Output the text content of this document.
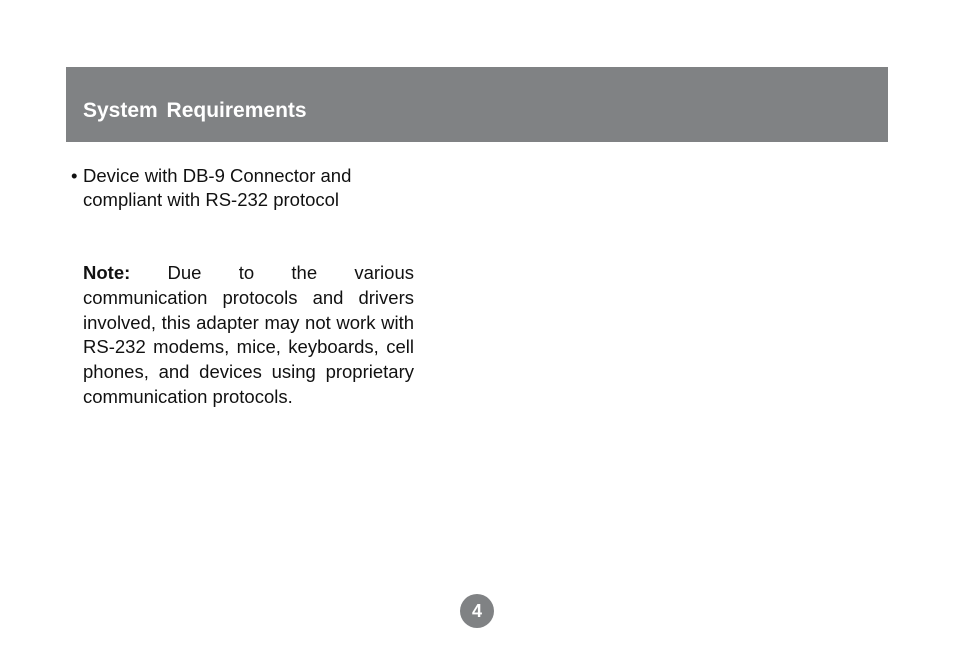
System Requirements
• Device with DB-9 Connector and compliant with RS-232 protocol

Note: Due to the various communication protocols and drivers involved, this adapter may not work with RS-232 modems, mice, keyboards, cell phones, and devices using proprietary communication protocols.

4
